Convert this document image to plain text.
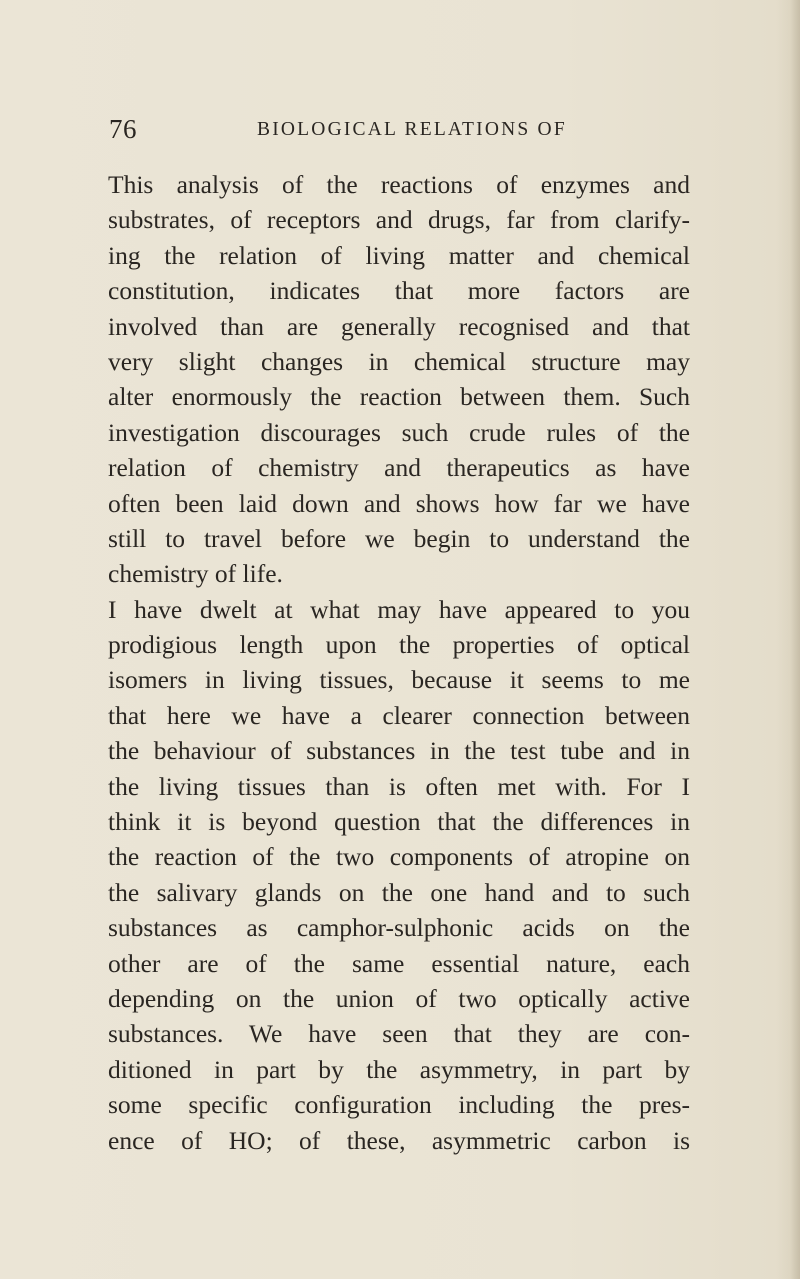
76	BIOLOGICAL RELATIONS OF
This analysis of the reactions of enzymes and
substrates, of receptors and drugs, far from clarify-
ing the relation of living matter and chemical
constitution, indicates that more factors are
involved than are generally recognised and that
very slight changes in chemical structure may
alter enormously the reaction between them. Such
investigation discourages such crude rules of the
relation of chemistry and therapeutics as have
often been laid down and shows how far we have
still to travel before we begin to understand the
chemistry of life.
I have dwelt at what may have appeared to you
prodigious length upon the properties of optical
isomers in living tissues, because it seems to me
that here we have a clearer connection between
the behaviour of substances in the test tube and in
the living tissues than is often met with. For I
think it is beyond question that the differences in
the reaction of the two components of atropine on
the salivary glands on the one hand and to such
substances as camphor-sulphonic acids on the
other are of the same essential nature, each
depending on the union of two optically active
substances. We have seen that they are con-
ditioned in part by the asymmetry, in part by
some specific configuration including the pres-
ence of HO; of these, asymmetric carbon is
